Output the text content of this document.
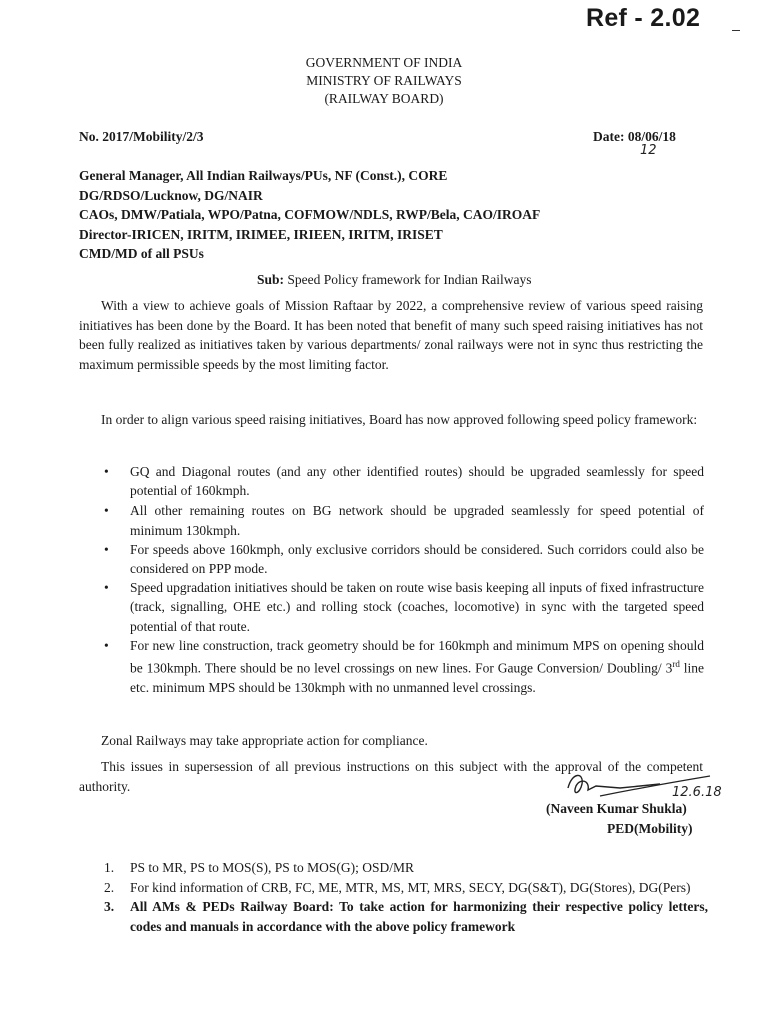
Ref - 2.02
GOVERNMENT OF INDIA
MINISTRY OF RAILWAYS
(RAILWAY BOARD)
No. 2017/Mobility/2/3	Date: 08/06/18
12
General Manager, All Indian Railways/PUs, NF (Const.), CORE
DG/RDSO/Lucknow, DG/NAIR
CAOs, DMW/Patiala, WPO/Patna, COFMOW/NDLS, RWP/Bela, CAO/IROAF
Director-IRICEN, IRITM, IRIMEE, IRIEEN, IRITM, IRISET
CMD/MD of all PSUs
Sub: Speed Policy framework for Indian Railways
With a view to achieve goals of Mission Raftaar by 2022, a comprehensive review of various speed raising initiatives has been done by the Board. It has been noted that benefit of many such speed raising initiatives has not been fully realized as initiatives taken by various departments/ zonal railways were not in sync thus restricting the maximum permissible speeds by the most limiting factor.
In order to align various speed raising initiatives, Board has now approved following speed policy framework:
• GQ and Diagonal routes (and any other identified routes) should be upgraded seamlessly for speed potential of 160kmph.
• All other remaining routes on BG network should be upgraded seamlessly for speed potential of minimum 130kmph.
• For speeds above 160kmph, only exclusive corridors should be considered. Such corridors could also be considered on PPP mode.
• Speed upgradation initiatives should be taken on route wise basis keeping all inputs of fixed infrastructure (track, signalling, OHE etc.) and rolling stock (coaches, locomotive) in sync with the targeted speed potential of that route.
• For new line construction, track geometry should be for 160kmph and minimum MPS on opening should be 130kmph. There should be no level crossings on new lines. For Gauge Conversion/ Doubling/ 3rd line etc. minimum MPS should be 130kmph with no unmanned level crossings.
Zonal Railways may take appropriate action for compliance.
This issues in supersession of all previous instructions on this subject with the approval of the competent authority.	12.6.18
(Naveen Kumar Shukla)
PED(Mobility)
1. PS to MR, PS to MOS(S), PS to MOS(G); OSD/MR
2. For kind information of CRB, FC, ME, MTR, MS, MT, MRS, SECY, DG(S&T), DG(Stores), DG(Pers)
3. All AMs & PEDs Railway Board: To take action for harmonizing their respective policy letters, codes and manuals in accordance with the above policy framework
